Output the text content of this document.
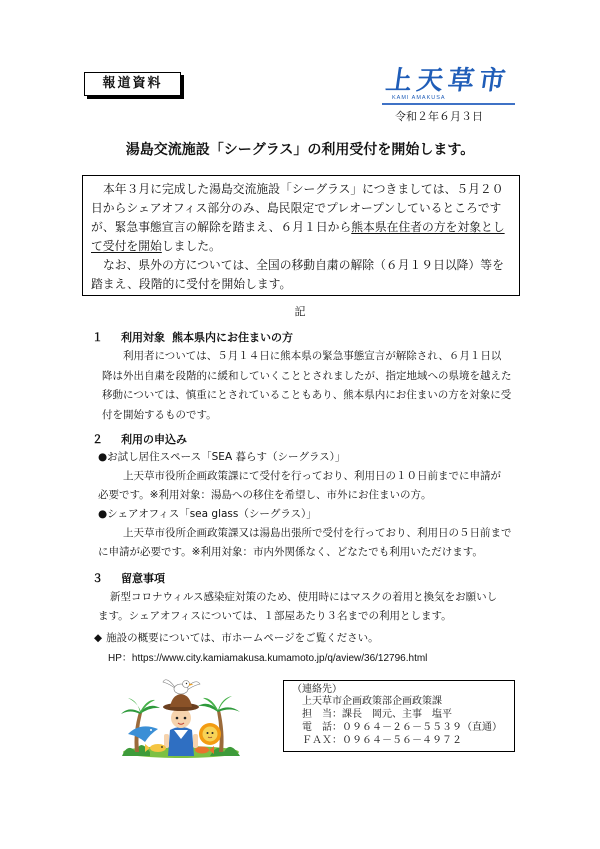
報道資料	上天草市
KAMI AMAKUSA
令和２年６月３日
湯島交流施設「シーグラス」の利用受付を開始します。
本年３月に完成した湯島交流施設「シーグラス」につきましては、５月２０
日からシェアオフィス部分のみ、島民限定でプレオープンしているところです
が、緊急事態宣言の解除を踏まえ、６月１日から熊本県在住者の方を対象とし
て受付を開始しました。
なお、県外の方については、全国の移動自粛の解除（６月１９日以降）等を
踏まえ、段階的に受付を開始します。
記
１ 利用対象 熊本県内にお住まいの方
利用者については、５月１４日に熊本県の緊急事態宣言が解除され、６月１日以
降は外出自粛を段階的に緩和していくこととされましたが、指定地域への県境を越えた
移動については、慎重にとされていることもあり、熊本県内にお住まいの方を対象に受
付を開始するものです。
２ 利用の申込み
●お試し居住スペース「SEA 暮らす（シーグラス）」
上天草市役所企画政策課にて受付を行っており、利用日の１０日前までに申請が
必要です。※利用対象：湯島への移住を希望し、市外にお住まいの方。
●シェアオフィス「sea glass（シーグラス）」
上天草市役所企画政策課又は湯島出張所で受付を行っており、利用日の５日前まで
に申請が必要です。※利用対象：市内外関係なく、どなたでも利用いただけます。
３ 留意事項
新型コロナウィルス感染症対策のため、使用時にはマスクの着用と換気をお願いし
ます。シェアオフィスについては、１部屋あたり３名までの利用とします。
◆ 施設の概要については、市ホームページをご覧ください。
HP：https://www.city.kamiamakusa.kumamoto.jp/q/aview/36/12796.html
（連絡先）
上天草市企画政策部企画政策課
担　当：課長　岡元、主事　塩平
電　話：０９６４－２６－５５３９（直通）
ＦＡＸ：０９６４－５６－４９７２
